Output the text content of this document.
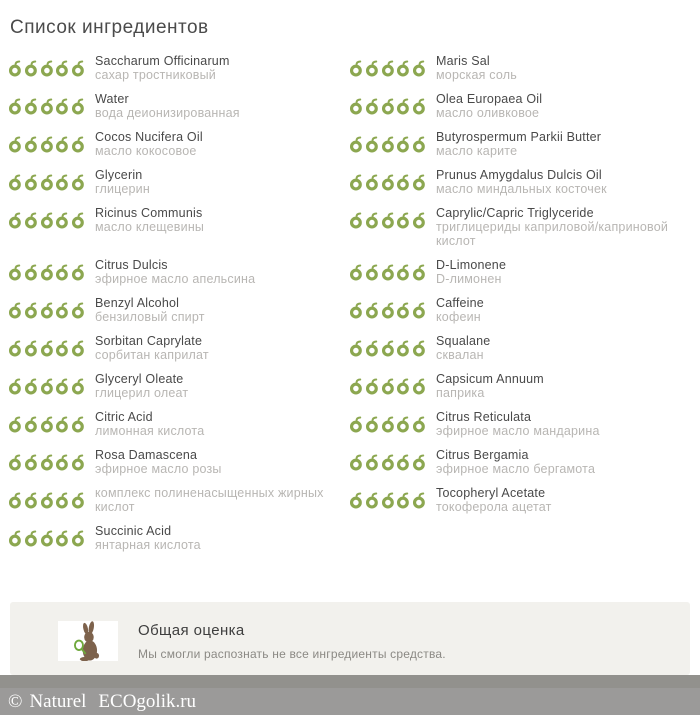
Список ингредиентов
Saccharum Officinarum
сахар тростниковый
Maris Sal
морская соль
Water
вода деионизированная
Olea Europaea Oil
масло оливковое
Cocos Nucifera Oil
масло кокосовое
Butyrospermum Parkii Butter
масло карите
Glycerin
глицерин
Prunus Amygdalus Dulcis Oil
масло миндальных косточек
Ricinus Communis
масло клещевины
Caprylic/Capric Triglyceride
триглицериды каприловой/каприновой кислот
Citrus Dulcis
эфирное масло апельсина
D-Limonene
D-лимонен
Benzyl Alcohol
бензиловый спирт
Caffeine
кофеин
Sorbitan Caprylate
сорбитан каприлат
Squalane
сквалан
Glyceryl Oleate
глицерил олеат
Capsicum Annuum
паприка
Citric Acid
лимонная кислота
Citrus Reticulata
эфирное масло мандарина
Rosa Damascena
эфирное масло розы
Citrus Bergamia
эфирное масло бергамота
комплекс полиненасыщенных жирных кислот
Tocopheryl Acetate
токоферола ацетат
Succinic Acid
янтарная кислота
Общая оценка
Мы смогли распознать не все ингредиенты средства.
© Naturel ECOgolik.ru
